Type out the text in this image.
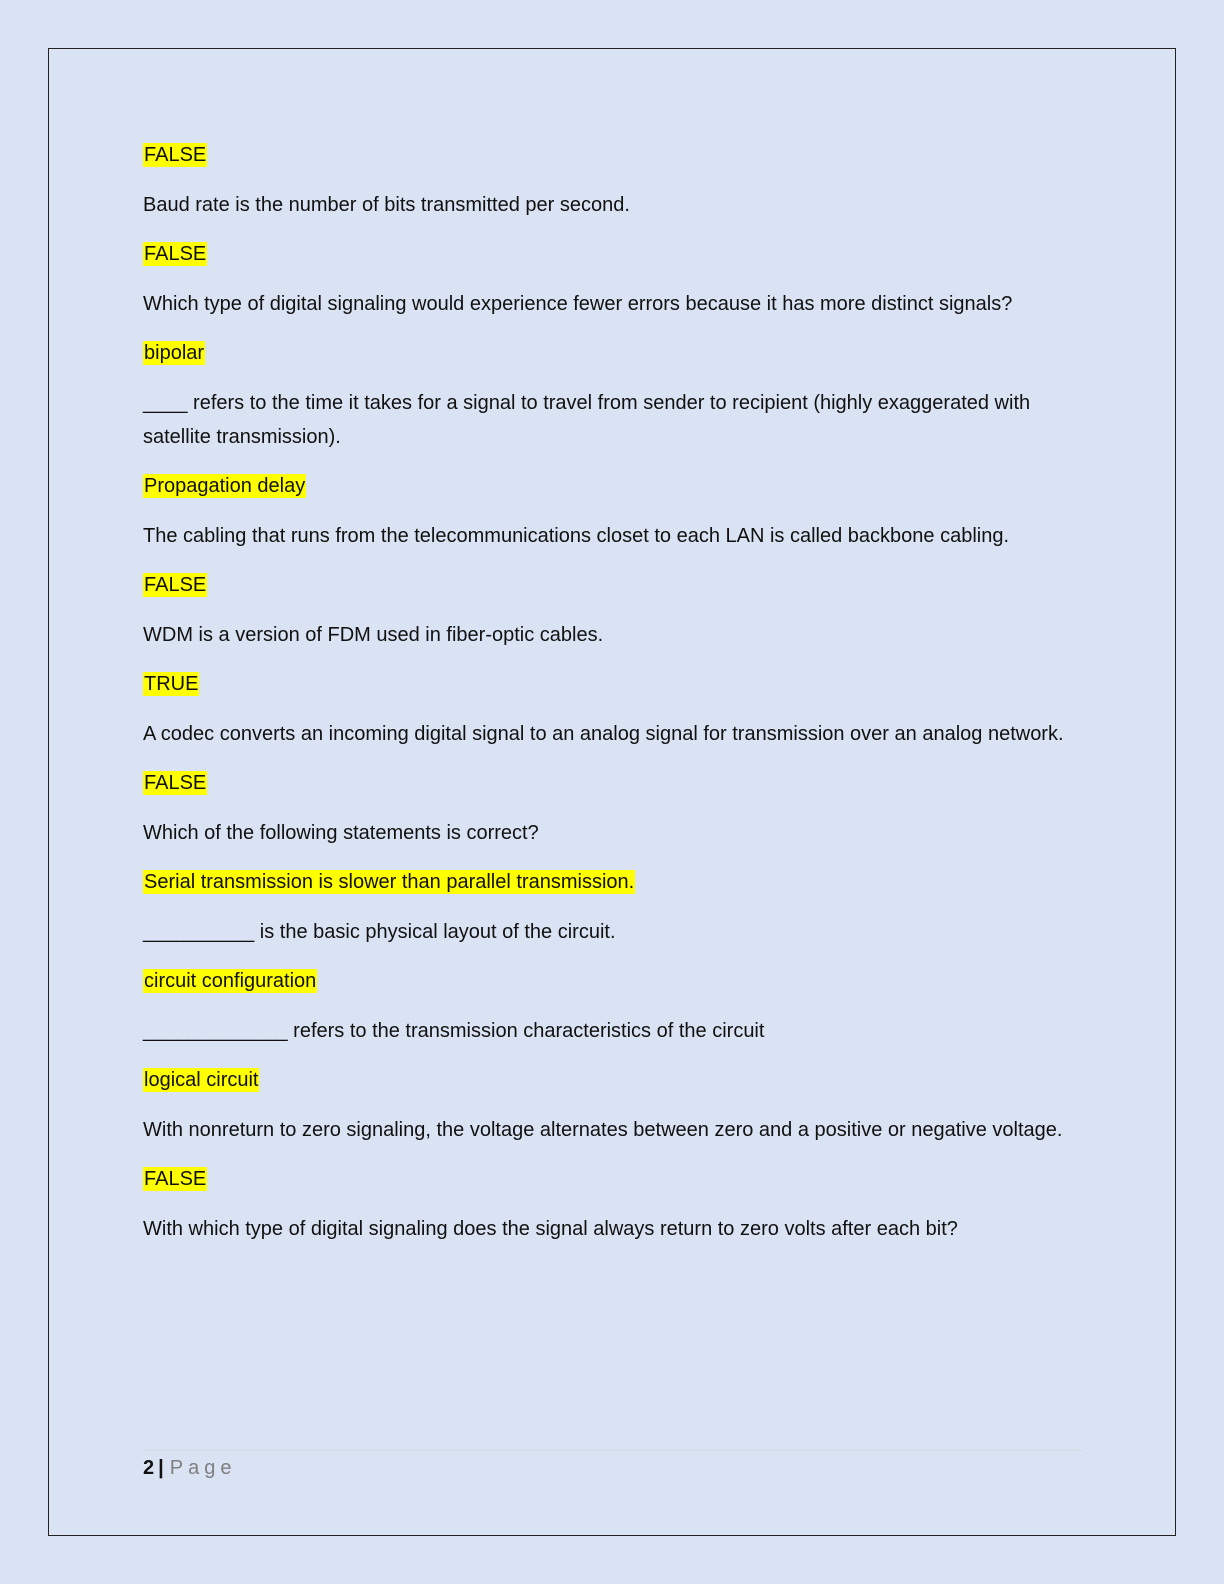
FALSE

Baud rate is the number of bits transmitted per second.

FALSE

Which type of digital signaling would experience fewer errors because it has more distinct signals?

bipolar

____ refers to the time it takes for a signal to travel from sender to recipient (highly exaggerated with satellite transmission).

Propagation delay

The cabling that runs from the telecommunications closet to each LAN is called backbone cabling.

FALSE

WDM is a version of FDM used in fiber-optic cables.

TRUE

A codec converts an incoming digital signal to an analog signal for transmission over an analog network.

FALSE

Which of the following statements is correct?

Serial transmission is slower than parallel transmission.

__________ is the basic physical layout of the circuit.

circuit configuration

_____________ refers to the transmission characteristics of the circuit

logical circuit

With nonreturn to zero signaling, the voltage alternates between zero and a positive or negative voltage.

FALSE

With which type of digital signaling does the signal always return to zero volts after each bit?

2 | Page
